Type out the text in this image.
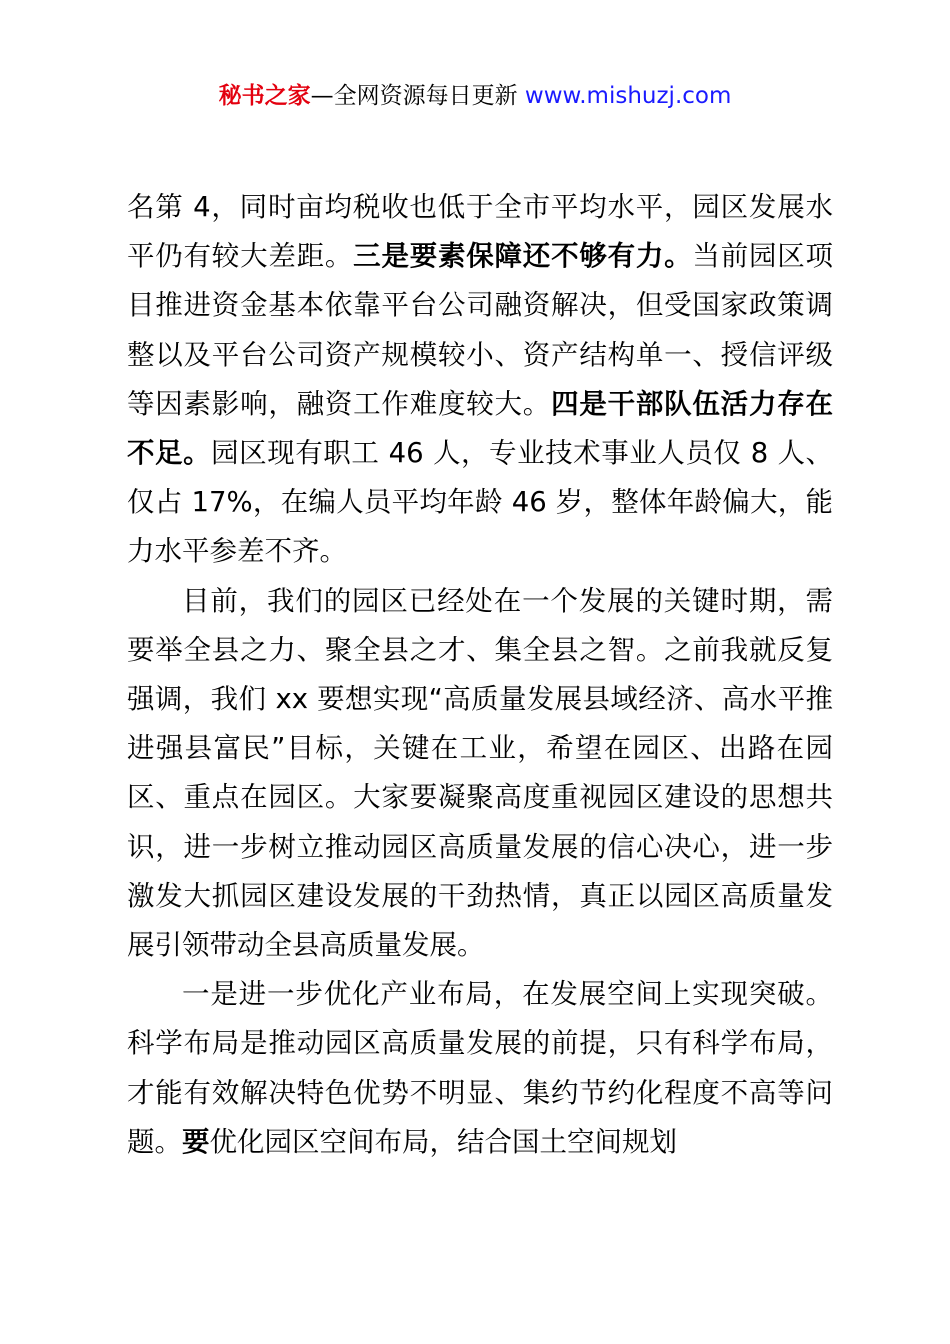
秘书之家—全网资源每日更新 www.mishuzj.com

名第 4，同时亩均税收也低于全市平均水平，园区发展水平仍有较大差距。三是要素保障还不够有力。当前园区项目推进资金基本依靠平台公司融资解决，但受国家政策调整以及平台公司资产规模较小、资产结构单一、授信评级等因素影响，融资工作难度较大。四是干部队伍活力存在不足。园区现有职工 46 人，专业技术事业人员仅 8 人、仅占 17%，在编人员平均年龄 46 岁，整体年龄偏大，能力水平参差不齐。

目前，我们的园区已经处在一个发展的关键时期，需要举全县之力、聚全县之才、集全县之智。之前我就反复强调，我们 xx 要想实现“高质量发展县域经济、高水平推进强县富民”目标，关键在工业，希望在园区、出路在园区、重点在园区。大家要凝聚高度重视园区建设的思想共识，进一步树立推动园区高质量发展的信心决心，进一步激发大抓园区建设发展的干劲热情，真正以园区高质量发展引领带动全县高质量发展。

一是进一步优化产业布局，在发展空间上实现突破。科学布局是推动园区高质量发展的前提，只有科学布局，才能有效解决特色优势不明显、集约节约化程度不高等问题。要优化园区空间布局，结合国土空间规划
